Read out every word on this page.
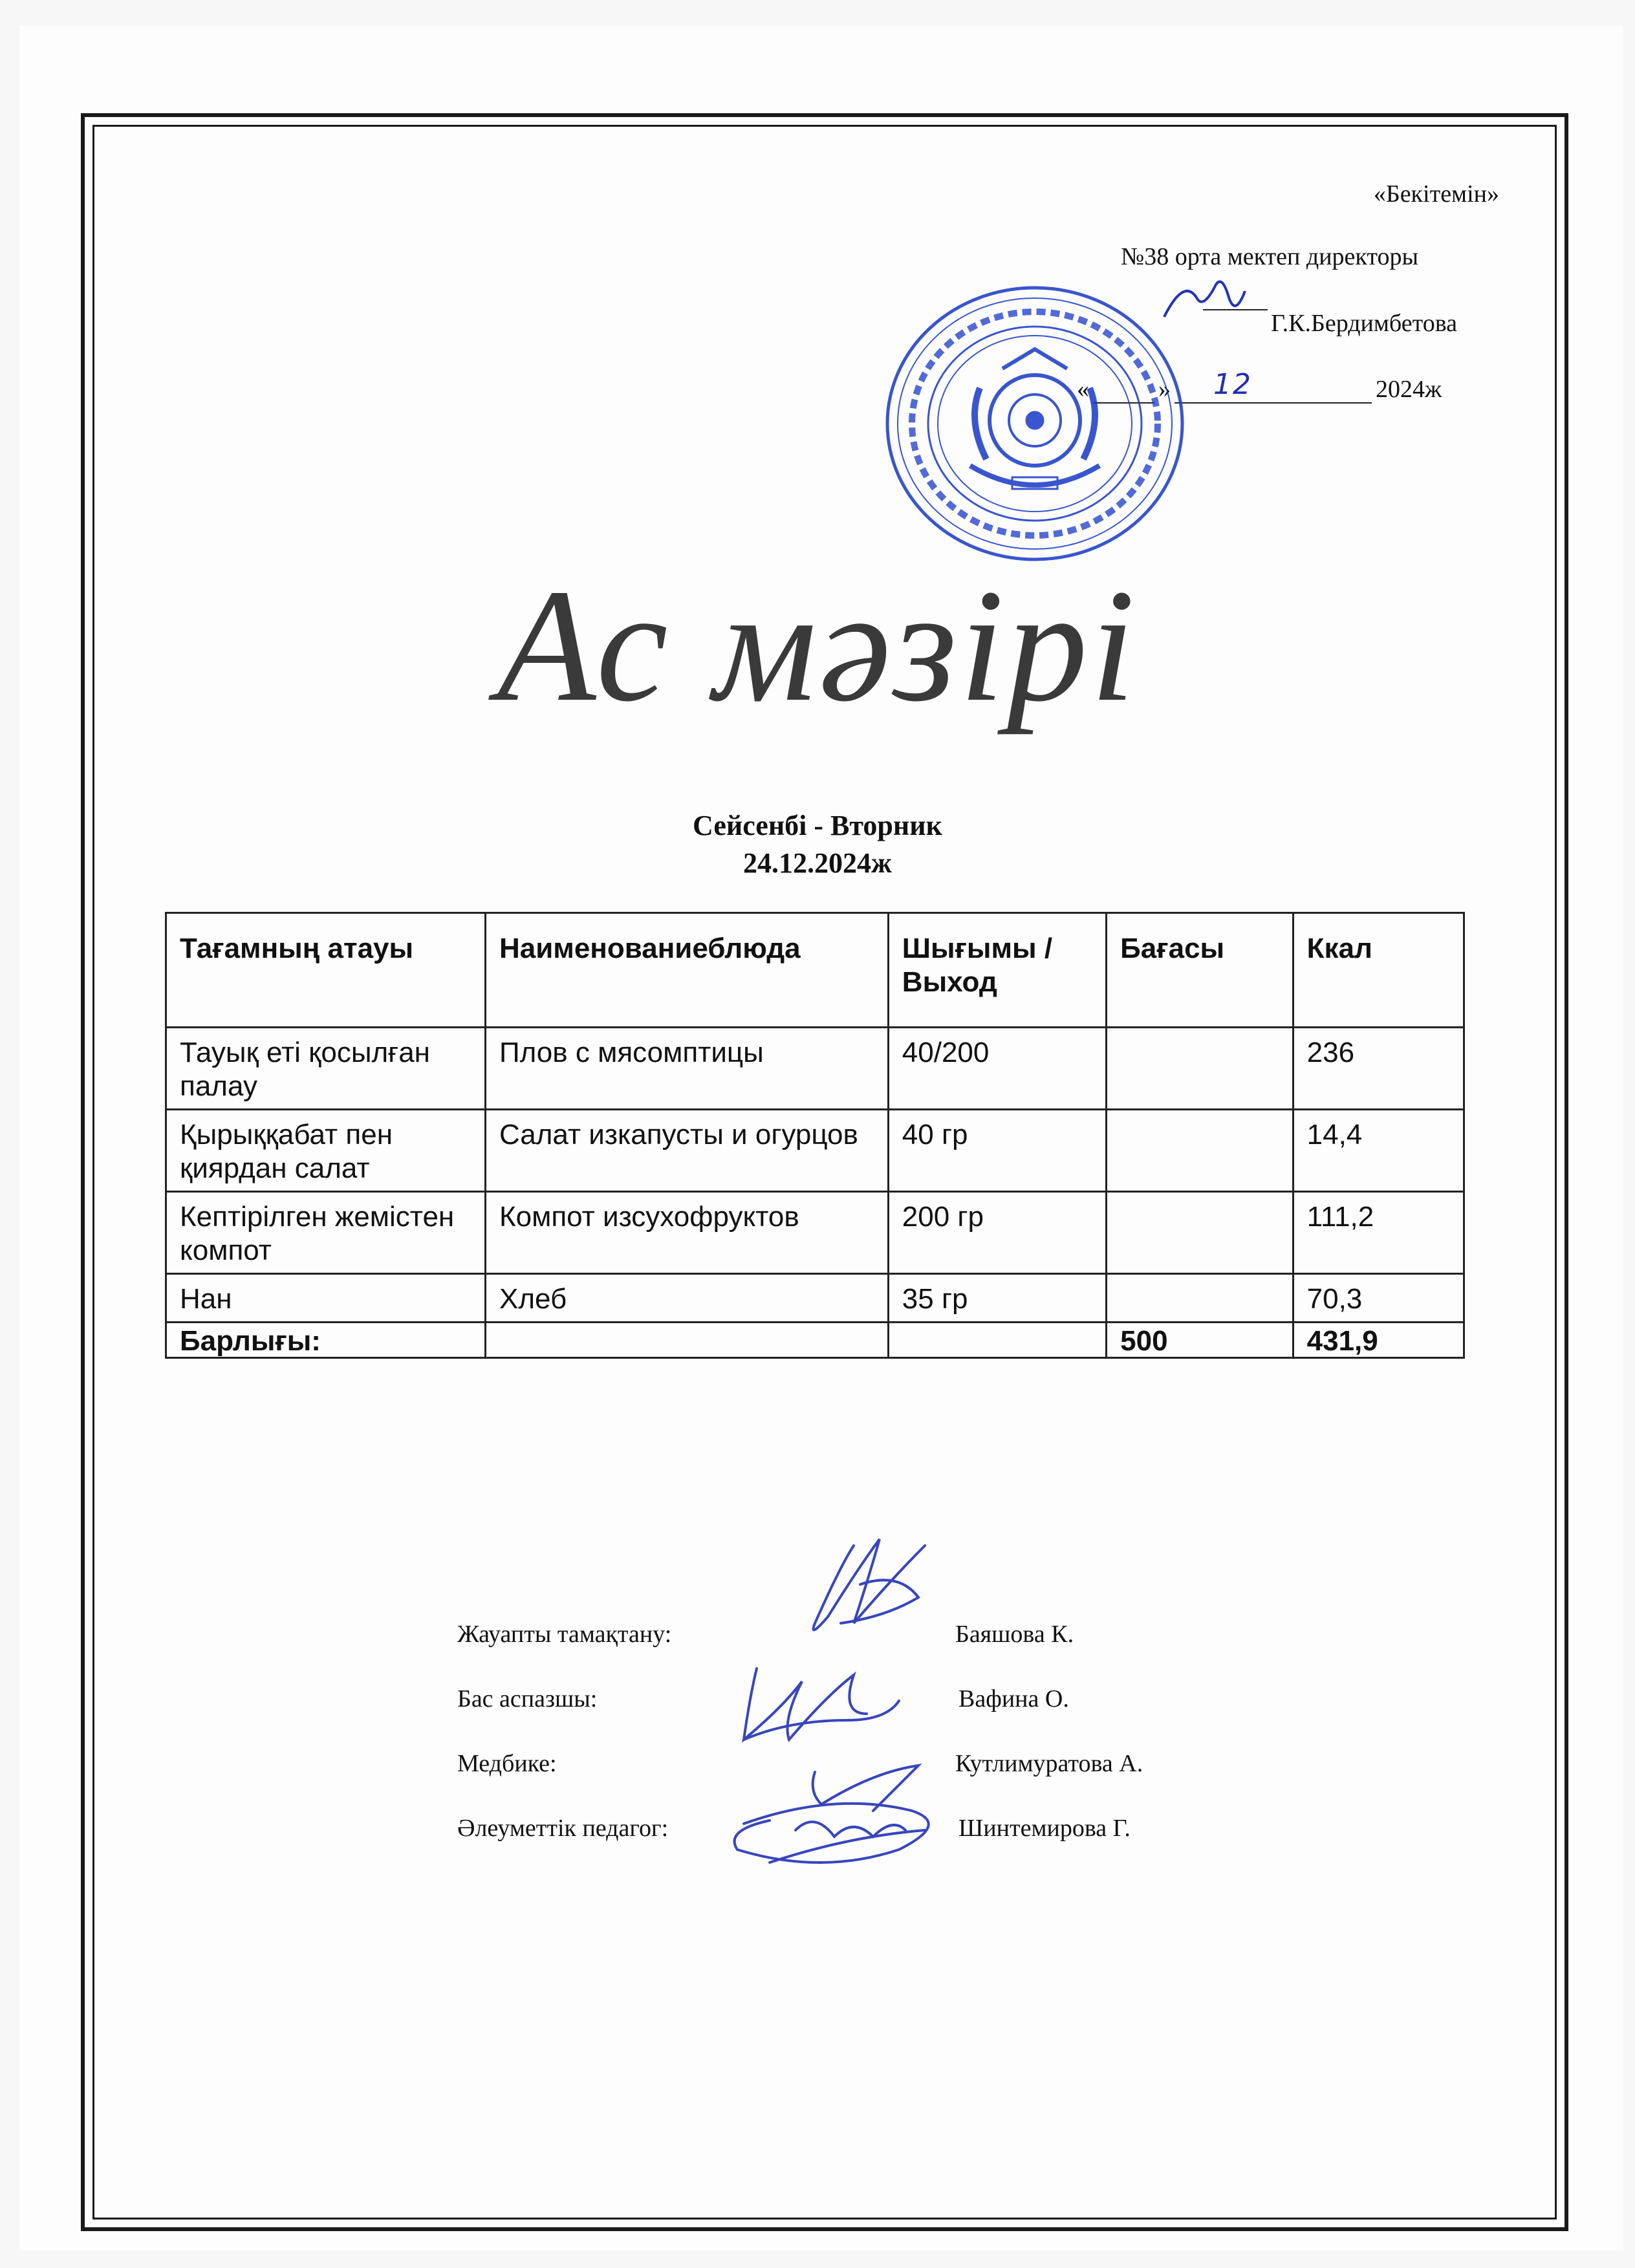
«Бекітемін»
№38 орта мектеп директоры
Г.К.Бердимбетова
«	» 12	2024ж
Ас мәзірі
Сейсенбі - Вторник
24.12.2024ж
Тағамның атауы	Наименованиеблюда	Шығымы / Выход	Бағасы	Ккал
Тауық еті қосылған палау	Плов с мясомптицы	40/200		236
Қырыққабат пен қиярдан салат	Салат изкапусты и огурцов	40 гр		14,4
Кептірілген жемістен компот	Компот изсухофруктов	200 гр		111,2
Нан	Хлеб	35 гр		70,3
Барлығы:			500	431,9
Жауапты тамақтану:	Баяшова К.
Бас аспазшы:	Вафина О.
Медбике:	Кутлимуратова А.
Әлеуметтік педагог:	Шинтемирова Г.
